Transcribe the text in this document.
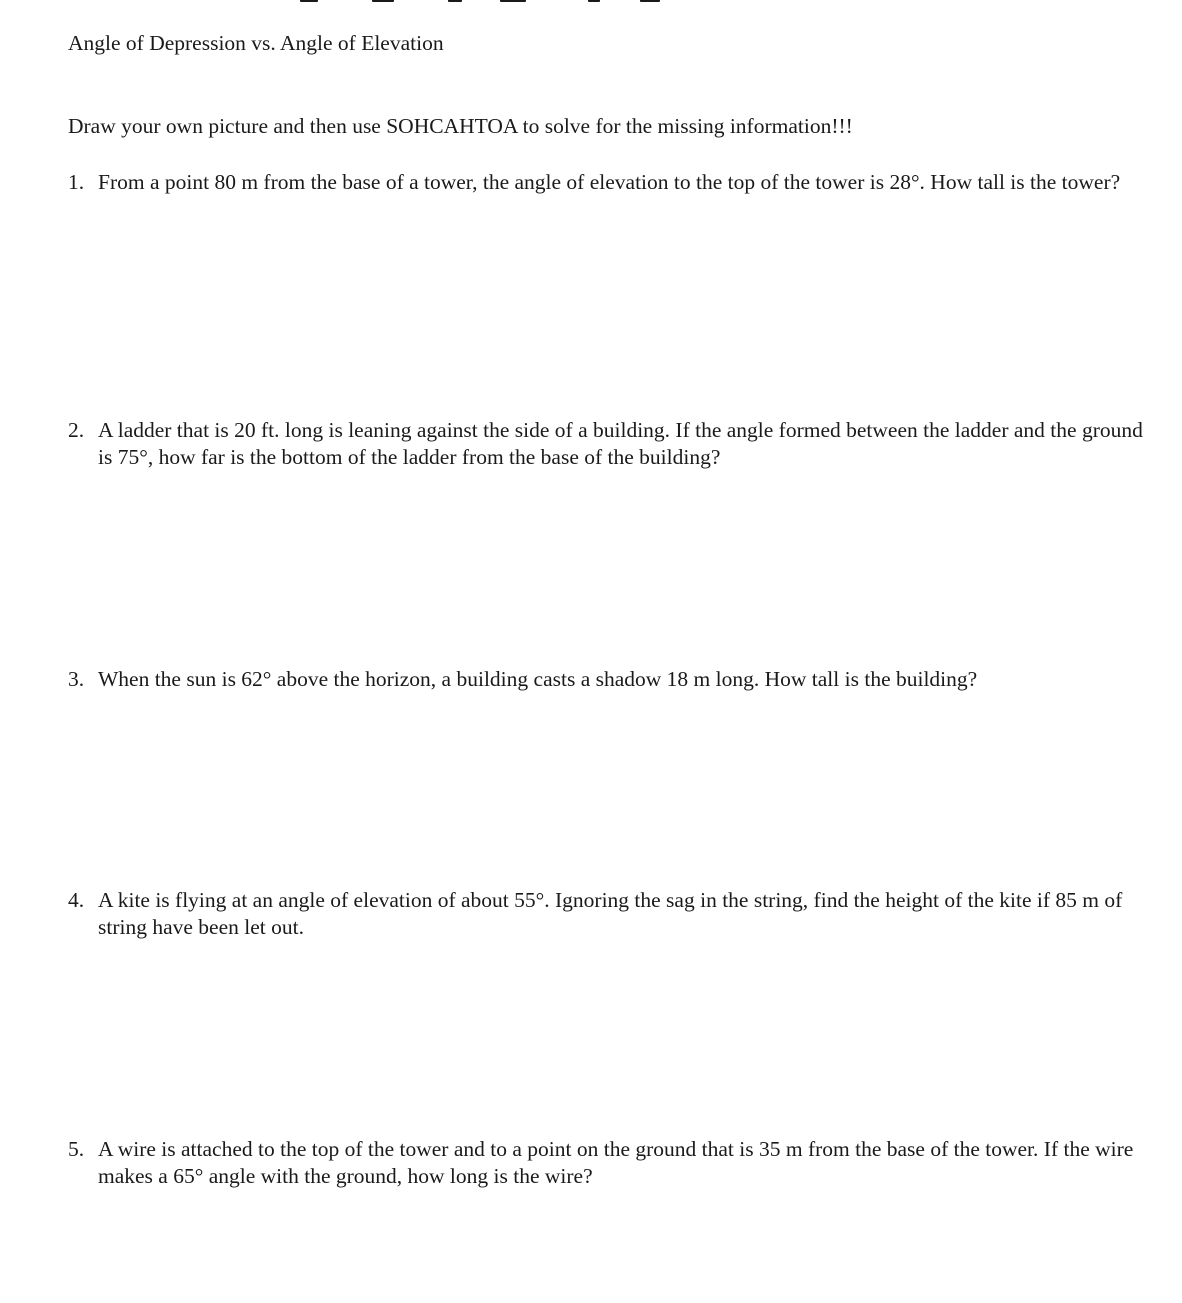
Angle of Depression vs. Angle of Elevation

Draw your own picture and then use SOHCAHTOA to solve for the missing information!!!

1. From a point 80 m from the base of a tower, the angle of elevation to the top of the tower is 28°. How tall is the tower?
2. A ladder that is 20 ft. long is leaning against the side of a building. If the angle formed between the ladder and the ground is 75°, how far is the bottom of the ladder from the base of the building?
3. When the sun is 62° above the horizon, a building casts a shadow 18 m long. How tall is the building?
4. A kite is flying at an angle of elevation of about 55°. Ignoring the sag in the string, find the height of the kite if 85 m of string have been let out.
5. A wire is attached to the top of the tower and to a point on the ground that is 35 m from the base of the tower. If the wire makes a 65° angle with the ground, how long is the wire?
